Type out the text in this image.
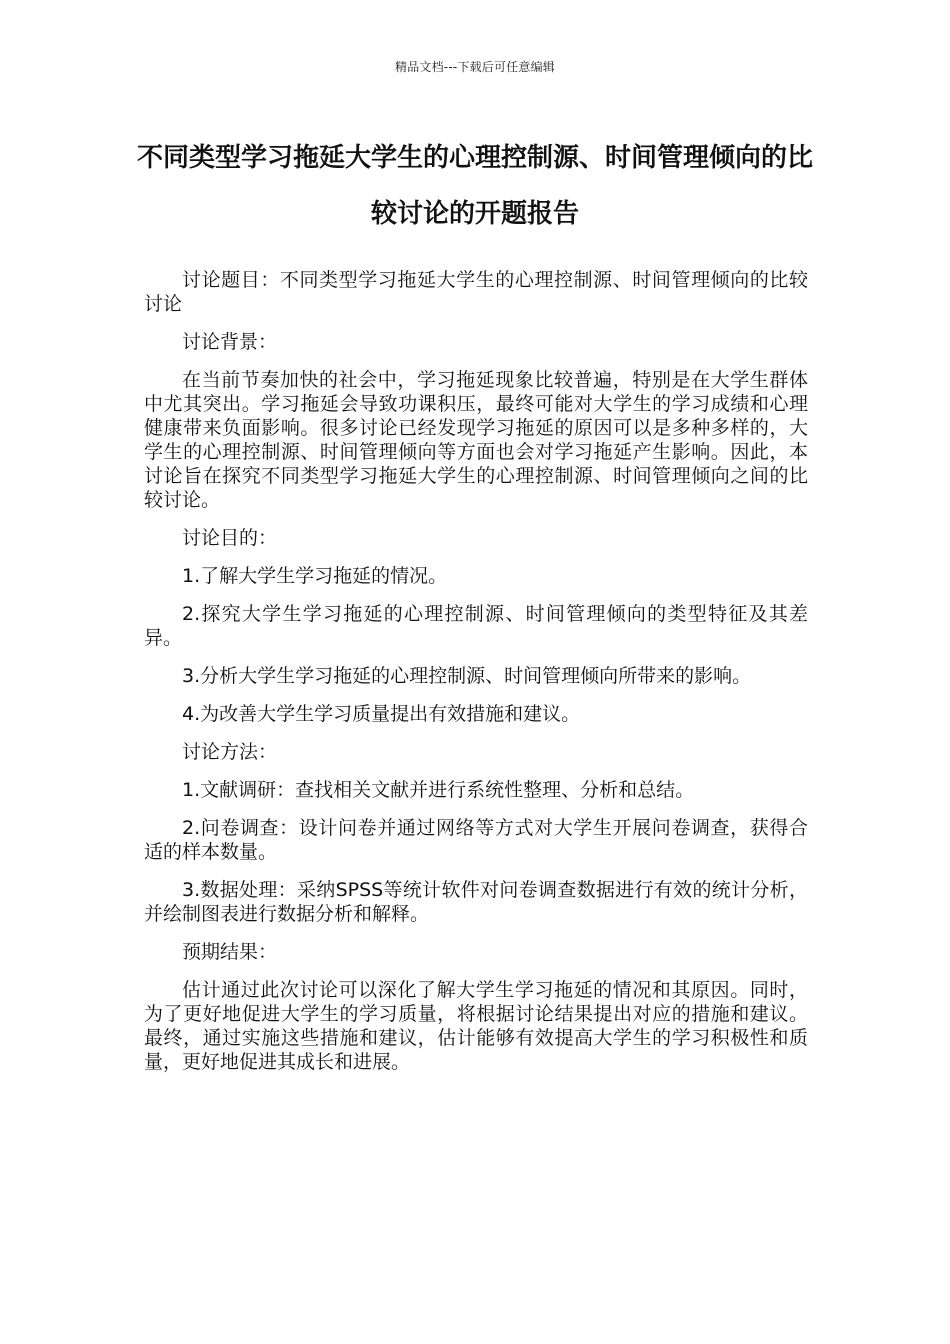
精品文档---下载后可任意编辑
不同类型学习拖延大学生的心理控制源、时间管理倾向的比较讨论的开题报告

讨论题目：不同类型学习拖延大学生的心理控制源、时间管理倾向的比较讨论

讨论背景：

在当前节奏加快的社会中，学习拖延现象比较普遍，特别是在大学生群体中尤其突出。学习拖延会导致功课积压，最终可能对大学生的学习成绩和心理健康带来负面影响。很多讨论已经发现学习拖延的原因可以是多种多样的，大学生的心理控制源、时间管理倾向等方面也会对学习拖延产生影响。因此，本讨论旨在探究不同类型学习拖延大学生的心理控制源、时间管理倾向之间的比较讨论。

讨论目的：

1.了解大学生学习拖延的情况。

2.探究大学生学习拖延的心理控制源、时间管理倾向的类型特征及其差异。

3.分析大学生学习拖延的心理控制源、时间管理倾向所带来的影响。

4.为改善大学生学习质量提出有效措施和建议。

讨论方法：

1.文献调研：查找相关文献并进行系统性整理、分析和总结。

2.问卷调查：设计问卷并通过网络等方式对大学生开展问卷调查，获得合适的样本数量。

3.数据处理：采纳SPSS等统计软件对问卷调查数据进行有效的统计分析，并绘制图表进行数据分析和解释。

预期结果：

估计通过此次讨论可以深化了解大学生学习拖延的情况和其原因。同时，为了更好地促进大学生的学习质量，将根据讨论结果提出对应的措施和建议。最终，通过实施这些措施和建议，估计能够有效提高大学生的学习积极性和质量，更好地促进其成长和进展。
